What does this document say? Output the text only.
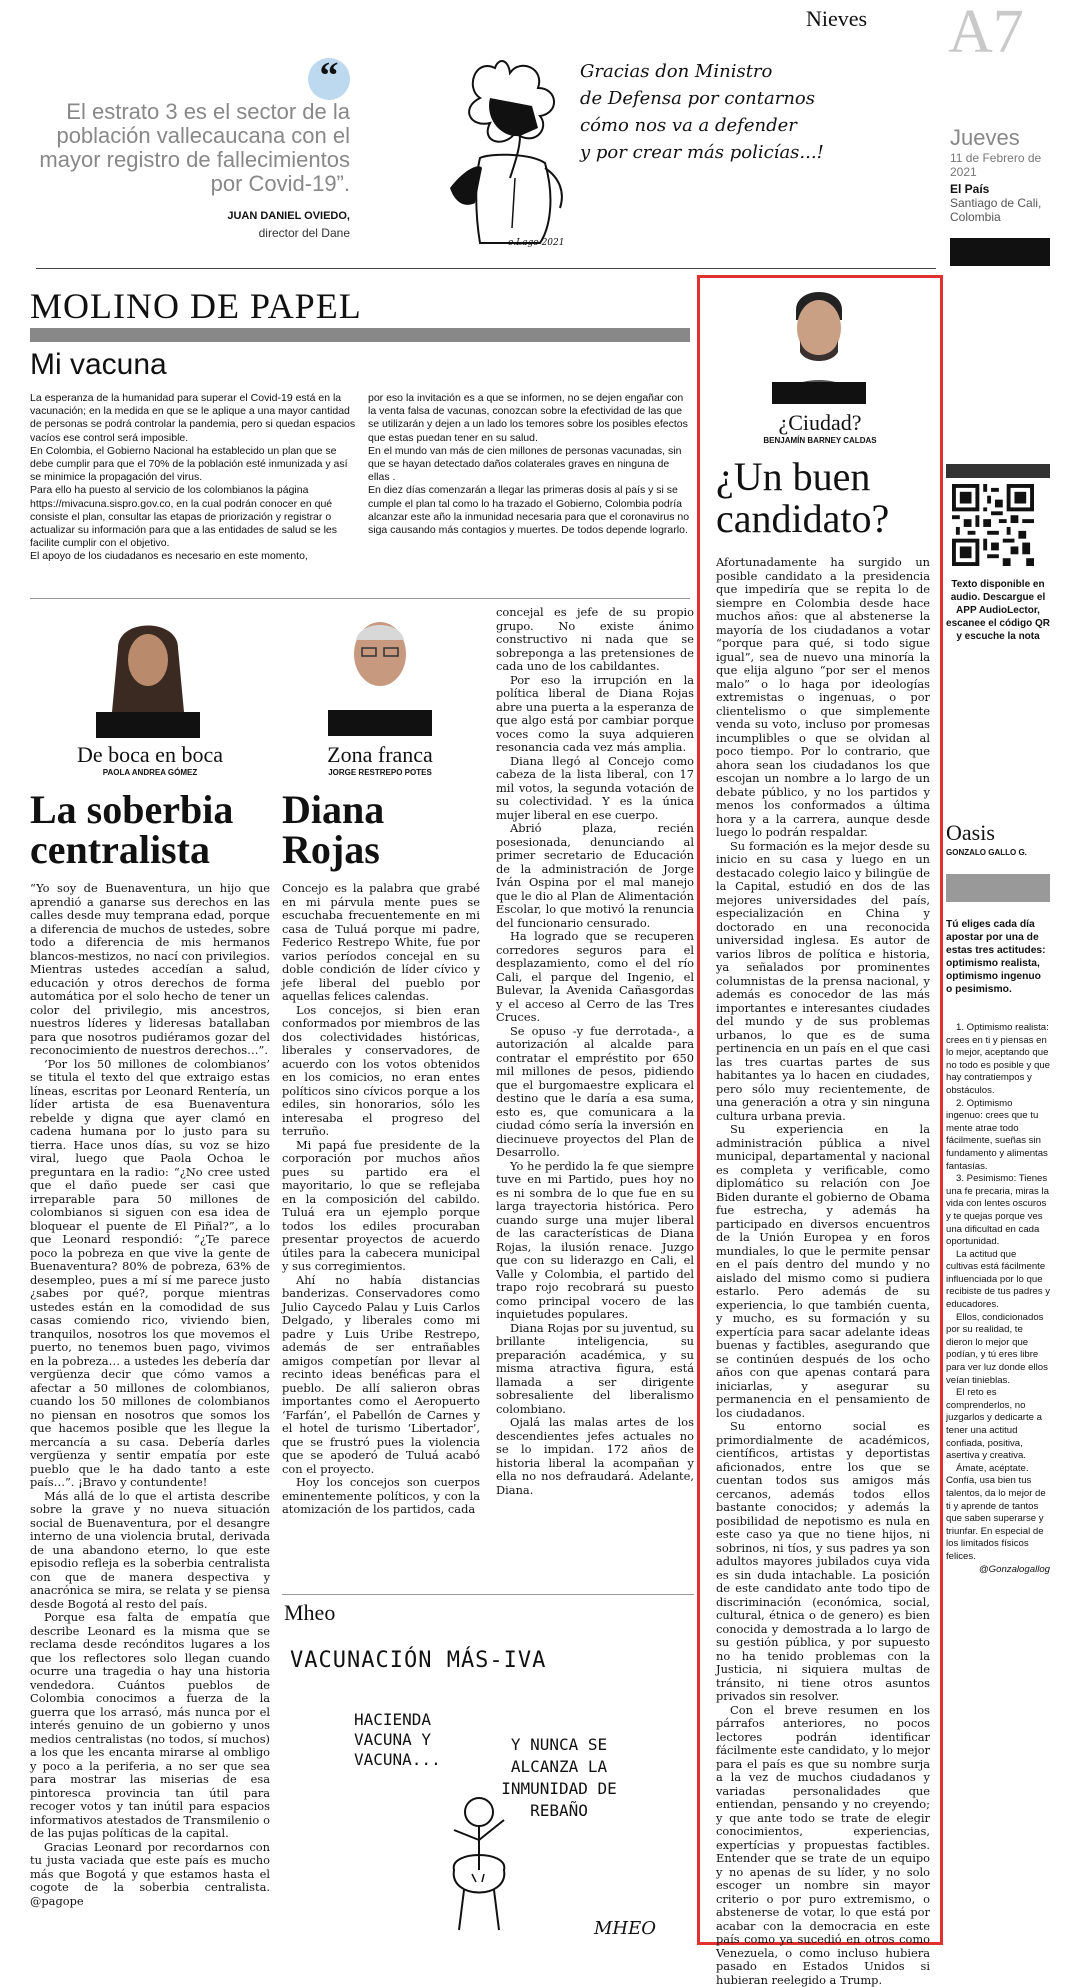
Nieves A7
Jueves
11 de Febrero de 2021
El País
Santiago de Cali, Colombia
“
El estrato 3 es el sector de la población vallecaucana con el mayor registro de fallecimientos por Covid-19”.
JUAN DANIEL OVIEDO,
director del Dane
Gracias don Ministro
de Defensa por contarnos
cómo nos va a defender
y por crear más policías...!
e.Lago 2021
MOLINO DE PAPEL
Mi vacuna

La esperanza de la humanidad para superar el Covid-19 está en la vacunación; en la medida en que se le aplique a una mayor cantidad de personas se podrá controlar la pandemia, pero si quedan espacios vacíos ese control será imposible.

En Colombia, el Gobierno Nacional ha establecido un plan que se debe cumplir para que el 70% de la población esté inmunizada y así se minimice la propagación del virus.

Para ello ha puesto al servicio de los colombianos la página https://mivacuna.sispro.gov.co, en la cual podrán conocer en qué consiste el plan, consultar las etapas de priorización y registrar o actualizar su información para que a las entidades de salud se les facilite cumplir con el objetivo.

El apoyo de los ciudadanos es necesario en este momento,

por eso la invitación es a que se informen, no se dejen engañar con la venta falsa de vacunas, conozcan sobre la efectividad de las que se utilizarán y dejen a un lado los temores sobre los posibles efectos que estas puedan tener en su salud.

En el mundo van más de cien millones de personas vacunadas, sin que se hayan detectado daños colaterales graves en ninguna de ellas .

En diez días comenzarán a llegar las primeras dosis al país y si se cumple el plan tal como lo ha trazado el Gobierno, Colombia podría alcanzar este año la inmunidad necesaria para que el coronavirus no siga causando más contagios y muertes. De todos depende lograrlo.

De boca en boca
PAOLA ANDREA GÓMEZ
La soberbia centralista

“Yo soy de Buenaventura, un hijo que aprendió a ganarse sus derechos en las calles desde muy temprana edad, porque a diferencia de muchos de ustedes, sobre todo a diferencia de mis hermanos blancos-mestizos, no nací con privilegios. Mientras ustedes accedían a salud, educación y otros derechos de forma automática por el solo hecho de tener un color del privilegio, mis ancestros, nuestros líderes y lideresas batallaban para que nosotros pudiéramos gozar del reconocimiento de nuestros derechos…”.

‘Por los 50 millones de colombianos’ se titula el texto del que extraigo estas líneas, escritas por Leonard Rentería, un líder artista de esa Buenaventura rebelde y digna que ayer clamó en cadena humana por lo justo para su tierra. Hace unos días, su voz se hizo viral, luego que Paola Ochoa le preguntara en la radio: “¿No cree usted que el daño puede ser casi que irreparable para 50 millones de colombianos si siguen con esa idea de bloquear el puente de El Piñal?”, a lo que Leonard respondió: “¿Te parece poco la pobreza en que vive la gente de Buenaventura? 80% de pobreza, 63% de desempleo, pues a mí sí me parece justo ¿sabes por qué?, porque mientras ustedes están en la comodidad de sus casas comiendo rico, viviendo bien, tranquilos, nosotros los que movemos el puerto, no tenemos buen pago, vivimos en la pobreza… a ustedes les debería dar vergüenza decir que cómo vamos a afectar a 50 millones de colombianos, cuando los 50 millones de colombianos no piensan en nosotros que somos los que hacemos posible que les llegue la mercancía a su casa. Debería darles vergüenza y sentir empatía por este pueblo que le ha dado tanto a este país…”. ¡Bravo y contundente!

Más allá de lo que el artista describe sobre la grave y no nueva situación social de Buenaventura, por el desangre interno de una violencia brutal, derivada de una abandono eterno, lo que este episodio refleja es la soberbia centralista con que de manera despectiva y anacrónica se mira, se relata y se piensa desde Bogotá al resto del país.

Porque esa falta de empatía que describe Leonard es la misma que se reclama desde recónditos lugares a los que los reflectores solo llegan cuando ocurre una tragedia o hay una historia vendedora. Cuántos pueblos de Colombia conocimos a fuerza de la guerra que los arrasó, más nunca por el interés genuino de un gobierno y unos medios centralistas (no todos, sí muchos) a los que les encanta mirarse al ombligo y poco a la periferia, a no ser que sea para mostrar las miserias de esa pintoresca provincia tan útil para recoger votos y tan inútil para espacios informativos atestados de Transmilenio o de las pujas políticas de la capital.

Gracias Leonard por recordarnos con tu justa vaciada que este país es mucho más que Bogotá y que estamos hasta el cogote de la soberbia centralista. @pagope

Zona franca
JORGE RESTREPO POTES
Diana Rojas

Concejo es la palabra que grabé en mi párvula mente pues se escuchaba frecuentemente en mi casa de Tuluá porque mi padre, Federico Restrepo White, fue por varios períodos concejal en su doble condición de líder cívico y jefe liberal del pueblo por aquellas felices calendas.

Los concejos, si bien eran conformados por miembros de las dos colectividades históricas, liberales y conservadores, de acuerdo con los votos obtenidos en los comicios, no eran entes políticos sino cívicos porque a los ediles, sin honorarios, sólo les interesaba el progreso del terruño.

Mi papá fue presidente de la corporación por muchos años pues su partido era el mayoritario, lo que se reflejaba en la composición del cabildo. Tuluá era un ejemplo porque todos los ediles procuraban presentar proyectos de acuerdo útiles para la cabecera municipal y sus corregimientos.

Ahí no había distancias banderizas. Conservadores como Julio Caycedo Palau y Luis Carlos Delgado, y liberales como mi padre y Luis Uribe Restrepo, además de ser entrañables amigos competían por llevar al recinto ideas benéficas para el pueblo. De allí salieron obras importantes como el Aeropuerto ‘Farfán’, el Pabellón de Carnes y el hotel de turismo ‘Libertador’, que se frustró pues la violencia que se apoderó de Tuluá acabó con el proyecto.

Hoy los concejos son cuerpos eminentemente políticos, y con la atomización de los partidos, cada

concejal es jefe de su propio grupo. No existe ánimo constructivo ni nada que se sobreponga a las pretensiones de cada uno de los cabildantes.

Por eso la irrupción en la política liberal de Diana Rojas abre una puerta a la esperanza de que algo está por cambiar porque voces como la suya adquieren resonancia cada vez más amplia.

Diana llegó al Concejo como cabeza de la lista liberal, con 17 mil votos, la segunda votación de su colectividad. Y es la única mujer liberal en ese cuerpo.

Abrió plaza, recién posesionada, denunciando al primer secretario de Educación de la administración de Jorge Iván Ospina por el mal manejo que le dio al Plan de Alimentación Escolar, lo que motivó la renuncia del funcionario censurado.

Ha logrado que se recuperen corredores seguros para el desplazamiento, como el del río Cali, el parque del Ingenio, el Bulevar, la Avenida Cañasgordas y el acceso al Cerro de las Tres Cruces.

Se opuso -y fue derrotada-, a autorización al alcalde para contratar el empréstito por 650 mil millones de pesos, pidiendo que el burgomaestre explicara el destino que le daría a esa suma, esto es, que comunicara a la ciudad cómo sería la inversión en diecinueve proyectos del Plan de Desarrollo.

Yo he perdido la fe que siempre tuve en mi Partido, pues hoy no es ni sombra de lo que fue en su larga trayectoria histórica. Pero cuando surge una mujer liberal de las características de Diana Rojas, la ilusión renace. Juzgo que con su liderazgo en Cali, el Valle y Colombia, el partido del trapo rojo recobrará su puesto como principal vocero de las inquietudes populares.

Diana Rojas por su juventud, su brillante inteligencia, su preparación académica, y su misma atractiva figura, está llamada a ser dirigente sobresaliente del liberalismo colombiano.

Ojalá las malas artes de los descendientes jefes actuales no se lo impidan. 172 años de historia liberal la acompañan y ella no nos defraudará. Adelante, Diana.

Mheo
VACUNACIÓN MÁS-IVA
HACIENDA VACUNA Y VACUNA...
Y NUNCA SE ALCANZA LA INMUNIDAD DE REBAÑO
MHEO
¿Ciudad?
BENJAMÍN BARNEY CALDAS
¿Un buen candidato?

Afortunadamente ha surgido un posible candidato a la presidencia que impediría que se repita lo de siempre en Colombia desde hace muchos años: que al abstenerse la mayoría de los ciudadanos a votar “porque para qué, si todo sigue igual”, sea de nuevo una minoría la que elija alguno “por ser el menos malo” o lo haga por ideologías extremistas o ingenuas, o por clientelismo o que simplemente venda su voto, incluso por promesas incumplibles o que se olvidan al poco tiempo. Por lo contrario, que ahora sean los ciudadanos los que escojan un nombre a lo largo de un debate público, y no los partidos y menos los conformados a última hora y a la carrera, aunque desde luego lo podrán respaldar.

Su formación es la mejor desde su inicio en su casa y luego en un destacado colegio laico y bilingüe de la Capital, estudió en dos de las mejores universidades del país, especialización en China y doctorado en una reconocida universidad inglesa. Es autor de varios libros de política e historia, ya señalados por prominentes columnistas de la prensa nacional, y además es conocedor de las más importantes e interesantes ciudades del mundo y de sus problemas urbanos, lo que es de suma pertinencia en un país en el que casi las tres cuartas partes de sus habitantes ya lo hacen en ciudades, pero sólo muy recientemente, de una generación a otra y sin ninguna cultura urbana previa.

Su experiencia en la administración pública a nivel municipal, departamental y nacional es completa y verificable, como diplomático su relación con Joe Biden durante el gobierno de Obama fue estrecha, y además ha participado en diversos encuentros de la Unión Europea y en foros mundiales, lo que le permite pensar en el país dentro del mundo y no aislado del mismo como si pudiera estarlo. Pero además de su experiencia, lo que también cuenta, y mucho, es su formación y su expertícia para sacar adelante ideas buenas y factibles, asegurando que se continúen después de los ocho años con que apenas contará para iniciarlas, y asegurar su permanencia en el pensamiento de los ciudadanos.

Su entorno social es primordialmente de académicos, científicos, artistas y deportistas aficionados, entre los que se cuentan todos sus amigos más cercanos, además todos ellos bastante conocidos; y además la posibilidad de nepotismo es nula en este caso ya que no tiene hijos, ni sobrinos, ni tíos, y sus padres ya son adultos mayores jubilados cuya vida es sin duda intachable. La posición de este candidato ante todo tipo de discriminación (económica, social, cultural, étnica o de genero) es bien conocida y demostrada a lo largo de su gestión pública, y por supuesto no ha tenido problemas con la Justicia, ni siquiera multas de tránsito, ni tiene otros asuntos privados sin resolver.

Con el breve resumen en los párrafos anteriores, no pocos lectores podrán identificar fácilmente este candidato, y lo mejor para el país es que su nombre surja a la vez de muchos ciudadanos y variadas personalidades que entiendan, pensando y no creyendo; y que ante todo se trate de elegir conocimientos, experiencias, expertícias y propuestas factibles. Entender que se trate de un equipo y no apenas de su líder, y no solo escoger un nombre sin mayor criterio o por puro extremismo, o abstenerse de votar, lo que está por acabar con la democracia en este país como ya sucedió en otros como Venezuela, o como incluso hubiera pasado en Estados Unidos si hubieran reelegido a Trump.

Texto disponible en audio. Descargue el APP AudioLector, escanee el código QR y escuche la nota
Oasis
GONZALO GALLO G.
Tú eliges cada día apostar por una de estas tres actitudes: optimismo realista, optimismo ingenuo o pesimismo.

1. Optimismo realista: crees en ti y piensas en lo mejor, aceptando que no todo es posible y que hay contratiempos y obstáculos.

2. Optimismo ingenuo: crees que tu mente atrae todo fácilmente, sueñas sin fundamento y alimentas fantasías.

3. Pesimismo: Tienes una fe precaria, miras la vida con lentes oscuros y te quejas porque ves una dificultad en cada oportunidad.

La actitud que cultivas está fácilmente influenciada por lo que recibiste de tus padres y educadores.

Ellos, condicionados por su realidad, te dieron lo mejor que podían, y tú eres libre para ver luz donde ellos veían tinieblas.

El reto es comprenderlos, no juzgarlos y dedicarte a tener una actitud confiada, positiva, asertiva y creativa.

Ámate, acéptate. Confía, usa bien tus talentos, da lo mejor de ti y aprende de tantos que saben superarse y triunfar. En especial de los limitados físicos felices.

@Gonzalogallog
